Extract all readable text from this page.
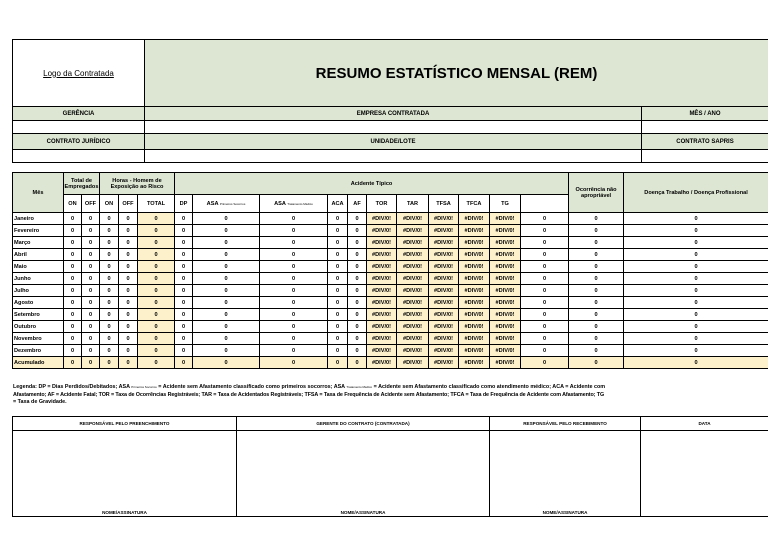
Logo da Contratada	RESUMO ESTATÍSTICO MENSAL (REM)	
GERÊNCIA	EMPRESA CONTRATADA	MÊS / ANO

CONTRATO JURÍDICO	UNIDADE/LOTE	CONTRATO SAPRIS

Mês	Total de Empregados		Horas - Homem de Exposição ao Risco			Acidente Típico											Ocorrência não apropriável	Doença Trabalho / Doença Profissional	
	ON	OFF	ON	OFF	TOTAL	DP	ASA Primeiros Socorros	ASA Tratamento Médico	ACA	AF	TOR	TAR	TFSA	TFCA	TG				
Janeiro	0	0	0	0	0	0	0	0	0	0	#DIV/0!	#DIV/0!	#DIV/0!	#DIV/0!	#DIV/0!	0	0	0	
Fevereiro	0	0	0	0	0	0	0	0	0	0	#DIV/0!	#DIV/0!	#DIV/0!	#DIV/0!	#DIV/0!	0	0	0	
Março	0	0	0	0	0	0	0	0	0	0	#DIV/0!	#DIV/0!	#DIV/0!	#DIV/0!	#DIV/0!	0	0	0	
Abril	0	0	0	0	0	0	0	0	0	0	#DIV/0!	#DIV/0!	#DIV/0!	#DIV/0!	#DIV/0!	0	0	0	
Maio	0	0	0	0	0	0	0	0	0	0	#DIV/0!	#DIV/0!	#DIV/0!	#DIV/0!	#DIV/0!	0	0	0	
Junho	0	0	0	0	0	0	0	0	0	0	#DIV/0!	#DIV/0!	#DIV/0!	#DIV/0!	#DIV/0!	0	0	0	
Julho	0	0	0	0	0	0	0	0	0	0	#DIV/0!	#DIV/0!	#DIV/0!	#DIV/0!	#DIV/0!	0	0	0	
Agosto	0	0	0	0	0	0	0	0	0	0	#DIV/0!	#DIV/0!	#DIV/0!	#DIV/0!	#DIV/0!	0	0	0	
Setembro	0	0	0	0	0	0	0	0	0	0	#DIV/0!	#DIV/0!	#DIV/0!	#DIV/0!	#DIV/0!	0	0	0	
Outubro	0	0	0	0	0	0	0	0	0	0	#DIV/0!	#DIV/0!	#DIV/0!	#DIV/0!	#DIV/0!	0	0	0	
Novembro	0	0	0	0	0	0	0	0	0	0	#DIV/0!	#DIV/0!	#DIV/0!	#DIV/0!	#DIV/0!	0	0	0	
Dezembro	0	0	0	0	0	0	0	0	0	0	#DIV/0!	#DIV/0!	#DIV/0!	#DIV/0!	#DIV/0!	0	0	0	
Acumulado	0	0	0	0	0	0	0	0	0	0	#DIV/0!	#DIV/0!	#DIV/0!	#DIV/0!	#DIV/0!	0	0	0	
Legenda: DP = Dias Perdidos/Debitados; ASA Primeiros Socorros = Acidente sem Afastamento classificado como primeiros socorros; ASA Tratamento Médico = Acidente sem Afastamento classificado como atendimento médico; ACA = Acidente com
Afastamento; AF = Acidente Fatal; TOR = Taxa de Ocorrências Registráveis; TAR = Taxa de Acidentados Registráveis; TFSA = Taxa de Frequência de Acidente sem Afastamento; TFCA = Taxa de Frequência de Acidente com Afastamento; TG
= Taxa de Gravidade.
RESPONSÁVEL PELO PREENCHIMENTO	GERENTE DO CONTRATO (CONTRATADA)	RESPONSÁVEL PELO RECEBIMENTO	DATA
NOME/ASSINATURA	NOME/ASSINATURA	NOME/ASSINATURA	
